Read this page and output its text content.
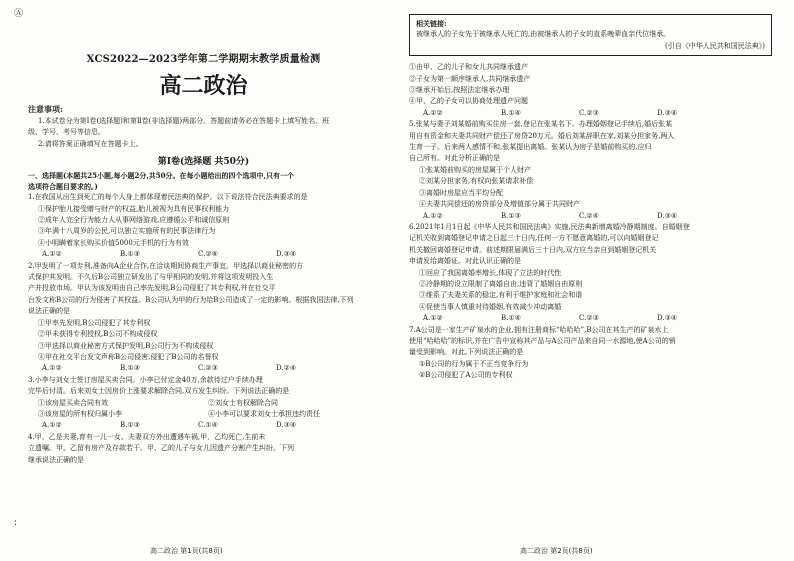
Ⓐ
:
XCS2022—2023学年第二学期期末教学质量检测
高二政治
注意事项:

1.本试卷分为第Ⅰ卷(选择题)和第Ⅱ卷(非选择题)两部分。答题前请务必在答题卡上填写姓名、班

级、学号、考号等信息。

2.请将答案正确填写在答题卡上。

第Ⅰ卷(选择题 共50分)
一、选择题(本题共25小题,每小题2分,共50分。在每小题给出的四个选项中,只有一个
选项符合题目要求的。)

1.在我国从出生到死亡的每个人身上都体现着民法典的保护。以下说法符合民法典要求的是

①保护胎儿接受赠与财产的权益,胎儿被视为具有民事权利能力

②成年人完全行为能力人从事网络游戏,应遵循公平和诚信原则

③年满十八周岁的公民,可以独立实施所有的民事法律行为

④小明瞒着家长购买价值5000元手机的行为有效

A.①②	B.①③	C.②④	D.③④

2.甲发明了一项专利,准备向A企业合作,在洽谈期间协商生产事宜。甲选择以商业秘密的方

式保护其发明。不久后B公司独立研发出了与甲相同的发明,并将这项发明投入生

产并投放市场。甲认为该发明由自己率先发明,B公司侵犯了其专利权,并在社交平

台发文称B公司的行为侵害了其权益。B公司认为甲的行为给B公司造成了一定的影响。根据我国法律,下列

说法正确的是

①甲率先发明,B公司侵犯了其专利权

②甲未获得专利授权,B公司不构成侵权

③甲选择以商业秘密方式保护发明,B公司行为不构成侵权

④甲在社交平台发文声称B公司侵害,侵犯了B公司的名誉权

A.①②	B.①③	C.②③	D.②④

3.小李与刘女士签订房屋买卖合同。小李已付定金40万,余款待过户手续办理

完毕后付清。后来刘女士因房价上涨要求解除合同,双方发生纠纷。下列说法正确的是

①该房屋买卖合同有效	②刘女士有权解除合同
③该房屋的所有权归属小李	④小李可以要求刘女士承担违约责任
A.①②	B.①③	C.①④	D.③④

4.甲、乙是夫妻,育有一儿一女。夫妻双方外出遭遇车祸,甲、乙均死亡,生前未

立遗嘱。甲、乙留有房产及存款若干。甲、乙的儿子与女儿因遗产分割产生纠纷。下列

继承说法正确的是

相关链接:

被继承人的子女先于被继承人死亡的,由被继承人的子女的直系晚辈血亲代位继承。

(引自《中华人民共和国民法典》)

①由甲、乙的儿子和女儿共同继承遗产

②子女为第一顺序继承人,共同继承遗产

③继承开始后,按照法定继承办理

④甲、乙的子女可以协商处理遗产问题

A.①②	B.①④	C.②③	D.③④

5.张某与妻子刘某婚前购买住房一套,登记在张某名下。办理婚姻登记手续后,婚后张某

用自有资金和夫妻共同财产偿还了房贷20万元。婚后刘某辞职在家,刘某分担家务,两人

生育一子。后来两人感情不和,张某提出离婚。张某认为房子是婚前购买的,应归

自己所有。对此分析正确的是

①张某婚前购买的房屋属于个人财产

②刘某分担家务,有权向张某请求补偿

③离婚时房屋应当平均分配

④夫妻共同偿还的房贷部分及增值部分属于共同财产

A.①②	B.①③	C.②④	D.③④

6.2021年1月1日起《中华人民共和国民法典》实施,民法典新增离婚冷静期制度。自婚姻登

记机关收到离婚登记申请之日起三十日内,任何一方不愿意离婚的,可以向婚姻登记

机关撤回离婚登记申请。前述期限届满后三十日内,双方应当亲自到婚姻登记机关

申请发给离婚证。对此认识正确的是

①回应了我国离婚率增长,体现了立法的时代性

②冷静期的设立限制了离婚自由,违背了婚姻自由原则

③维系了夫妻关系的稳定,有利于维护家庭和社会和谐

④促使当事人慎重对待婚姻,有效减少冲动离婚

A.①②	B.①④	C.②③	D.③④

7.A公司是一家生产矿泉水的企业,拥有注册商标“哈哈哈”,B公司在其生产的矿泉水上

使用“哈哈哈”的标识,并在广告中宣称其产品与A公司产品来自同一水源地,使A公司的销

量受到影响。对此,下列说法正确的是

①B公司的行为属于不正当竞争行为

②B公司侵犯了A公司的专利权

高二政治 第1页(共8页)	高二政治 第2页(共8页)
